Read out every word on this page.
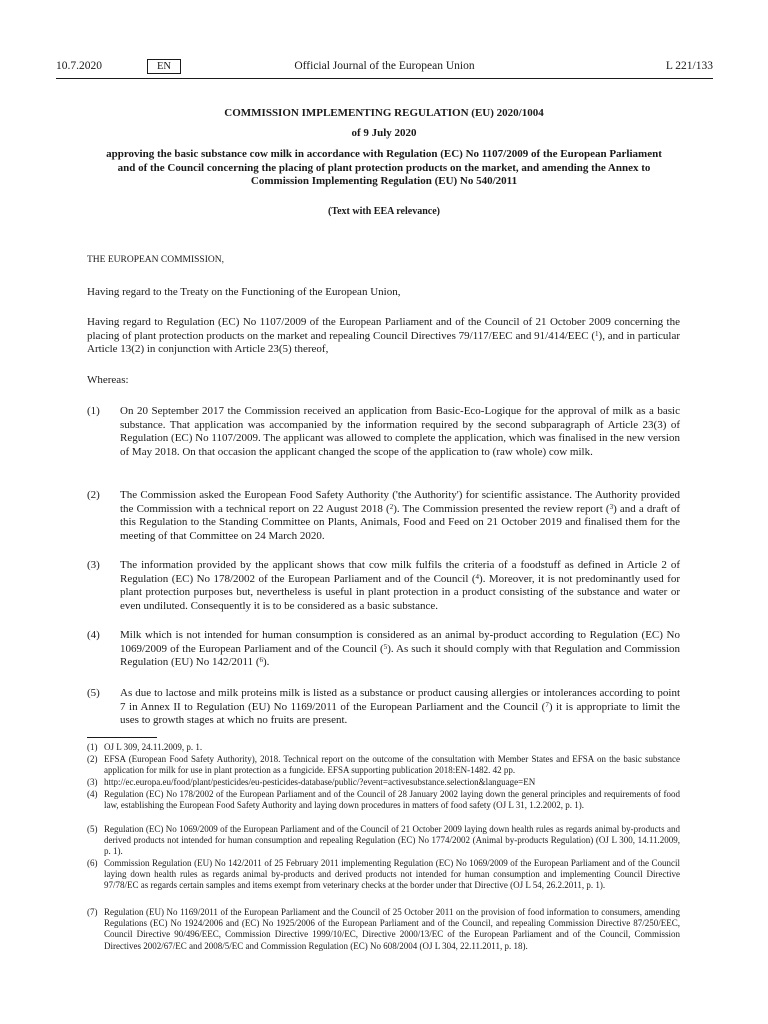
10.7.2020	EN	Official Journal of the European Union	L 221/133
COMMISSION IMPLEMENTING REGULATION (EU) 2020/1004
of 9 July 2020
approving the basic substance cow milk in accordance with Regulation (EC) No 1107/2009 of the European Parliament and of the Council concerning the placing of plant protection products on the market, and amending the Annex to Commission Implementing Regulation (EU) No 540/2011
(Text with EEA relevance)
THE EUROPEAN COMMISSION,
Having regard to the Treaty on the Functioning of the European Union,
Having regard to Regulation (EC) No 1107/2009 of the European Parliament and of the Council of 21 October 2009 concerning the placing of plant protection products on the market and repealing Council Directives 79/117/EEC and 91/414/EEC ($^1$), and in particular Article 13(2) in conjunction with Article 23(5) thereof,
Whereas:
(1) On 20 September 2017 the Commission received an application from Basic-Eco-Logique for the approval of milk as a basic substance. That application was accompanied by the information required by the second subparagraph of Article 23(3) of Regulation (EC) No 1107/2009. The applicant was allowed to complete the application, which was finalised in the new version of May 2018. On that occasion the applicant changed the scope of the application to (raw whole) cow milk.
(2) The Commission asked the European Food Safety Authority ('the Authority') for scientific assistance. The Authority provided the Commission with a technical report on 22 August 2018 ($^2$). The Commission presented the review report ($^3$) and a draft of this Regulation to the Standing Committee on Plants, Animals, Food and Feed on 21 October 2019 and finalised them for the meeting of that Committee on 24 March 2020.
(3) The information provided by the applicant shows that cow milk fulfils the criteria of a foodstuff as defined in Article 2 of Regulation (EC) No 178/2002 of the European Parliament and of the Council ($^4$). Moreover, it is not predominantly used for plant protection purposes but, nevertheless is useful in plant protection in a product consisting of the substance and water or even undiluted. Consequently it is to be considered as a basic substance.
(4) Milk which is not intended for human consumption is considered as an animal by-product according to Regulation (EC) No 1069/2009 of the European Parliament and of the Council ($^5$). As such it should comply with that Regulation and Commission Regulation (EU) No 142/2011 ($^6$).
(5) As due to lactose and milk proteins milk is listed as a substance or product causing allergies or intolerances according to point 7 in Annex II to Regulation (EU) No 1169/2011 of the European Parliament and the Council ($^7$) it is appropriate to limit the uses to growth stages at which no fruits are present.
(1) OJ L 309, 24.11.2009, p. 1.
(2) EFSA (European Food Safety Authority), 2018. Technical report on the outcome of the consultation with Member States and EFSA on the basic substance application for milk for use in plant protection as a fungicide. EFSA supporting publication 2018:EN-1482. 42 pp.
(3) http://ec.europa.eu/food/plant/pesticides/eu-pesticides-database/public/?event=activesubstance.selection&language=EN
(4) Regulation (EC) No 178/2002 of the European Parliament and of the Council of 28 January 2002 laying down the general principles and requirements of food law, establishing the European Food Safety Authority and laying down procedures in matters of food safety (OJ L 31, 1.2.2002, p. 1).
(5) Regulation (EC) No 1069/2009 of the European Parliament and of the Council of 21 October 2009 laying down health rules as regards animal by-products and derived products not intended for human consumption and repealing Regulation (EC) No 1774/2002 (Animal by-products Regulation) (OJ L 300, 14.11.2009, p. 1).
(6) Commission Regulation (EU) No 142/2011 of 25 February 2011 implementing Regulation (EC) No 1069/2009 of the European Parliament and of the Council laying down health rules as regards animal by-products and derived products not intended for human consumption and implementing Council Directive 97/78/EC as regards certain samples and items exempt from veterinary checks at the border under that Directive (OJ L 54, 26.2.2011, p. 1).
(7) Regulation (EU) No 1169/2011 of the European Parliament and the Council of 25 October 2011 on the provision of food information to consumers, amending Regulations (EC) No 1924/2006 and (EC) No 1925/2006 of the European Parliament and of the Council, and repealing Commission Directive 87/250/EEC, Council Directive 90/496/EEC, Commission Directive 1999/10/EC, Directive 2000/13/EC of the European Parliament and of the Council, Commission Directives 2002/67/EC and 2008/5/EC and Commission Regulation (EC) No 608/2004 (OJ L 304, 22.11.2011, p. 18).
